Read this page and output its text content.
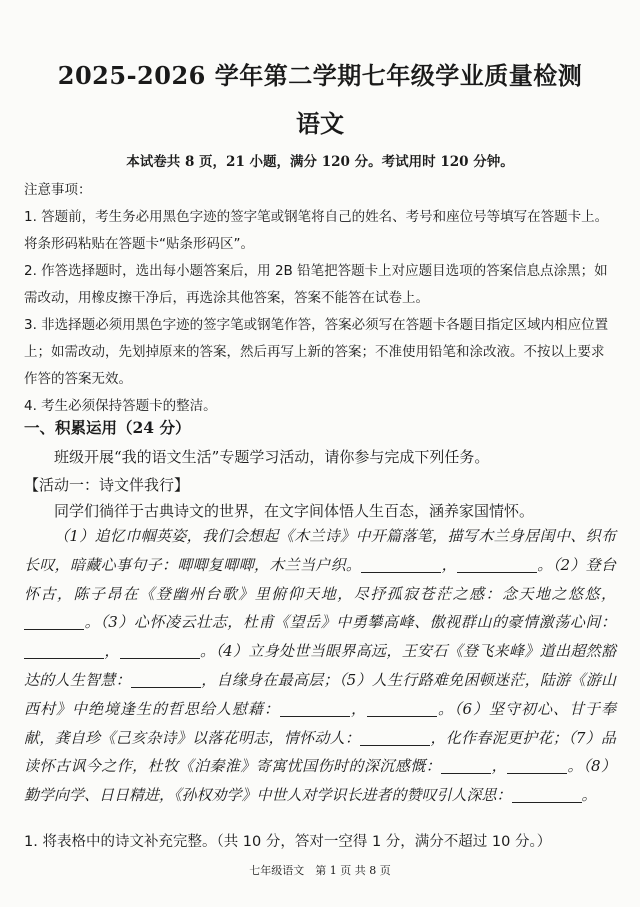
2025-2026 学年第二学期七年级学业质量检测
语文
本试卷共 8 页，21 小题，满分 120 分。考试用时 120 分钟。

注意事项：

1. 答题前，考生务必用黑色字迹的签字笔或钢笔将自己的姓名、考号和座位号等填写在答题卡上。将条形码粘贴在答题卡“贴条形码区”。

2. 作答选择题时，选出每小题答案后，用 2B 铅笔把答题卡上对应题目选项的答案信息点涂黑；如需改动，用橡皮擦干净后，再选涂其他答案，答案不能答在试卷上。

3. 非选择题必须用黑色字迹的签字笔或钢笔作答，答案必须写在答题卡各题目指定区域内相应位置上；如需改动，先划掉原来的答案，然后再写上新的答案；不准使用铅笔和涂改液。不按以上要求作答的答案无效。

4. 考生必须保持答题卡的整洁。

一、积累运用（24 分）

班级开展“我的语文生活”专题学习活动，请你参与完成下列任务。

【活动一：诗文伴我行】

同学们徜徉于古典诗文的世界，在文字间体悟人生百态，涵养家国情怀。

（1）追忆巾帼英姿，我们会想起《木兰诗》中开篇落笔，描写木兰身居闺中、织布长叹，暗藏心事句子：唧唧复唧唧，木兰当户织。	，	。（2）登台怀古，陈子昂在《登幽州台歌》里俯仰天地，尽抒孤寂苍茫之感：念天地之悠悠，。（3）心怀凌云壮志，杜甫《望岳》中勇攀高峰、傲视群山的豪情激荡心间：，	。（4）立身处世当眼界高远，王安石《登飞来峰》道出超然豁达的人生智慧：	，自缘身在最高层；（5）人生行路难免困顿迷茫，陆游《游山西村》中绝境逢生的哲思给人慰藉：	，	。（6）坚守初心、甘于奉献，龚自珍《己亥杂诗》以落花明志，情怀动人：	，化作春泥更护花；（7）品读怀古讽今之作，杜牧《泊秦淮》寄寓忧国伤时的深沉感慨：	，	。（8）勤学向学、日日精进，《孙权劝学》中世人对学识长进者的赞叹引人深思：	。
1. 将表格中的诗文补充完整。（共 10 分，答对一空得 1 分，满分不超过 10 分。）
七年级语文　第 1 页 共 8 页
